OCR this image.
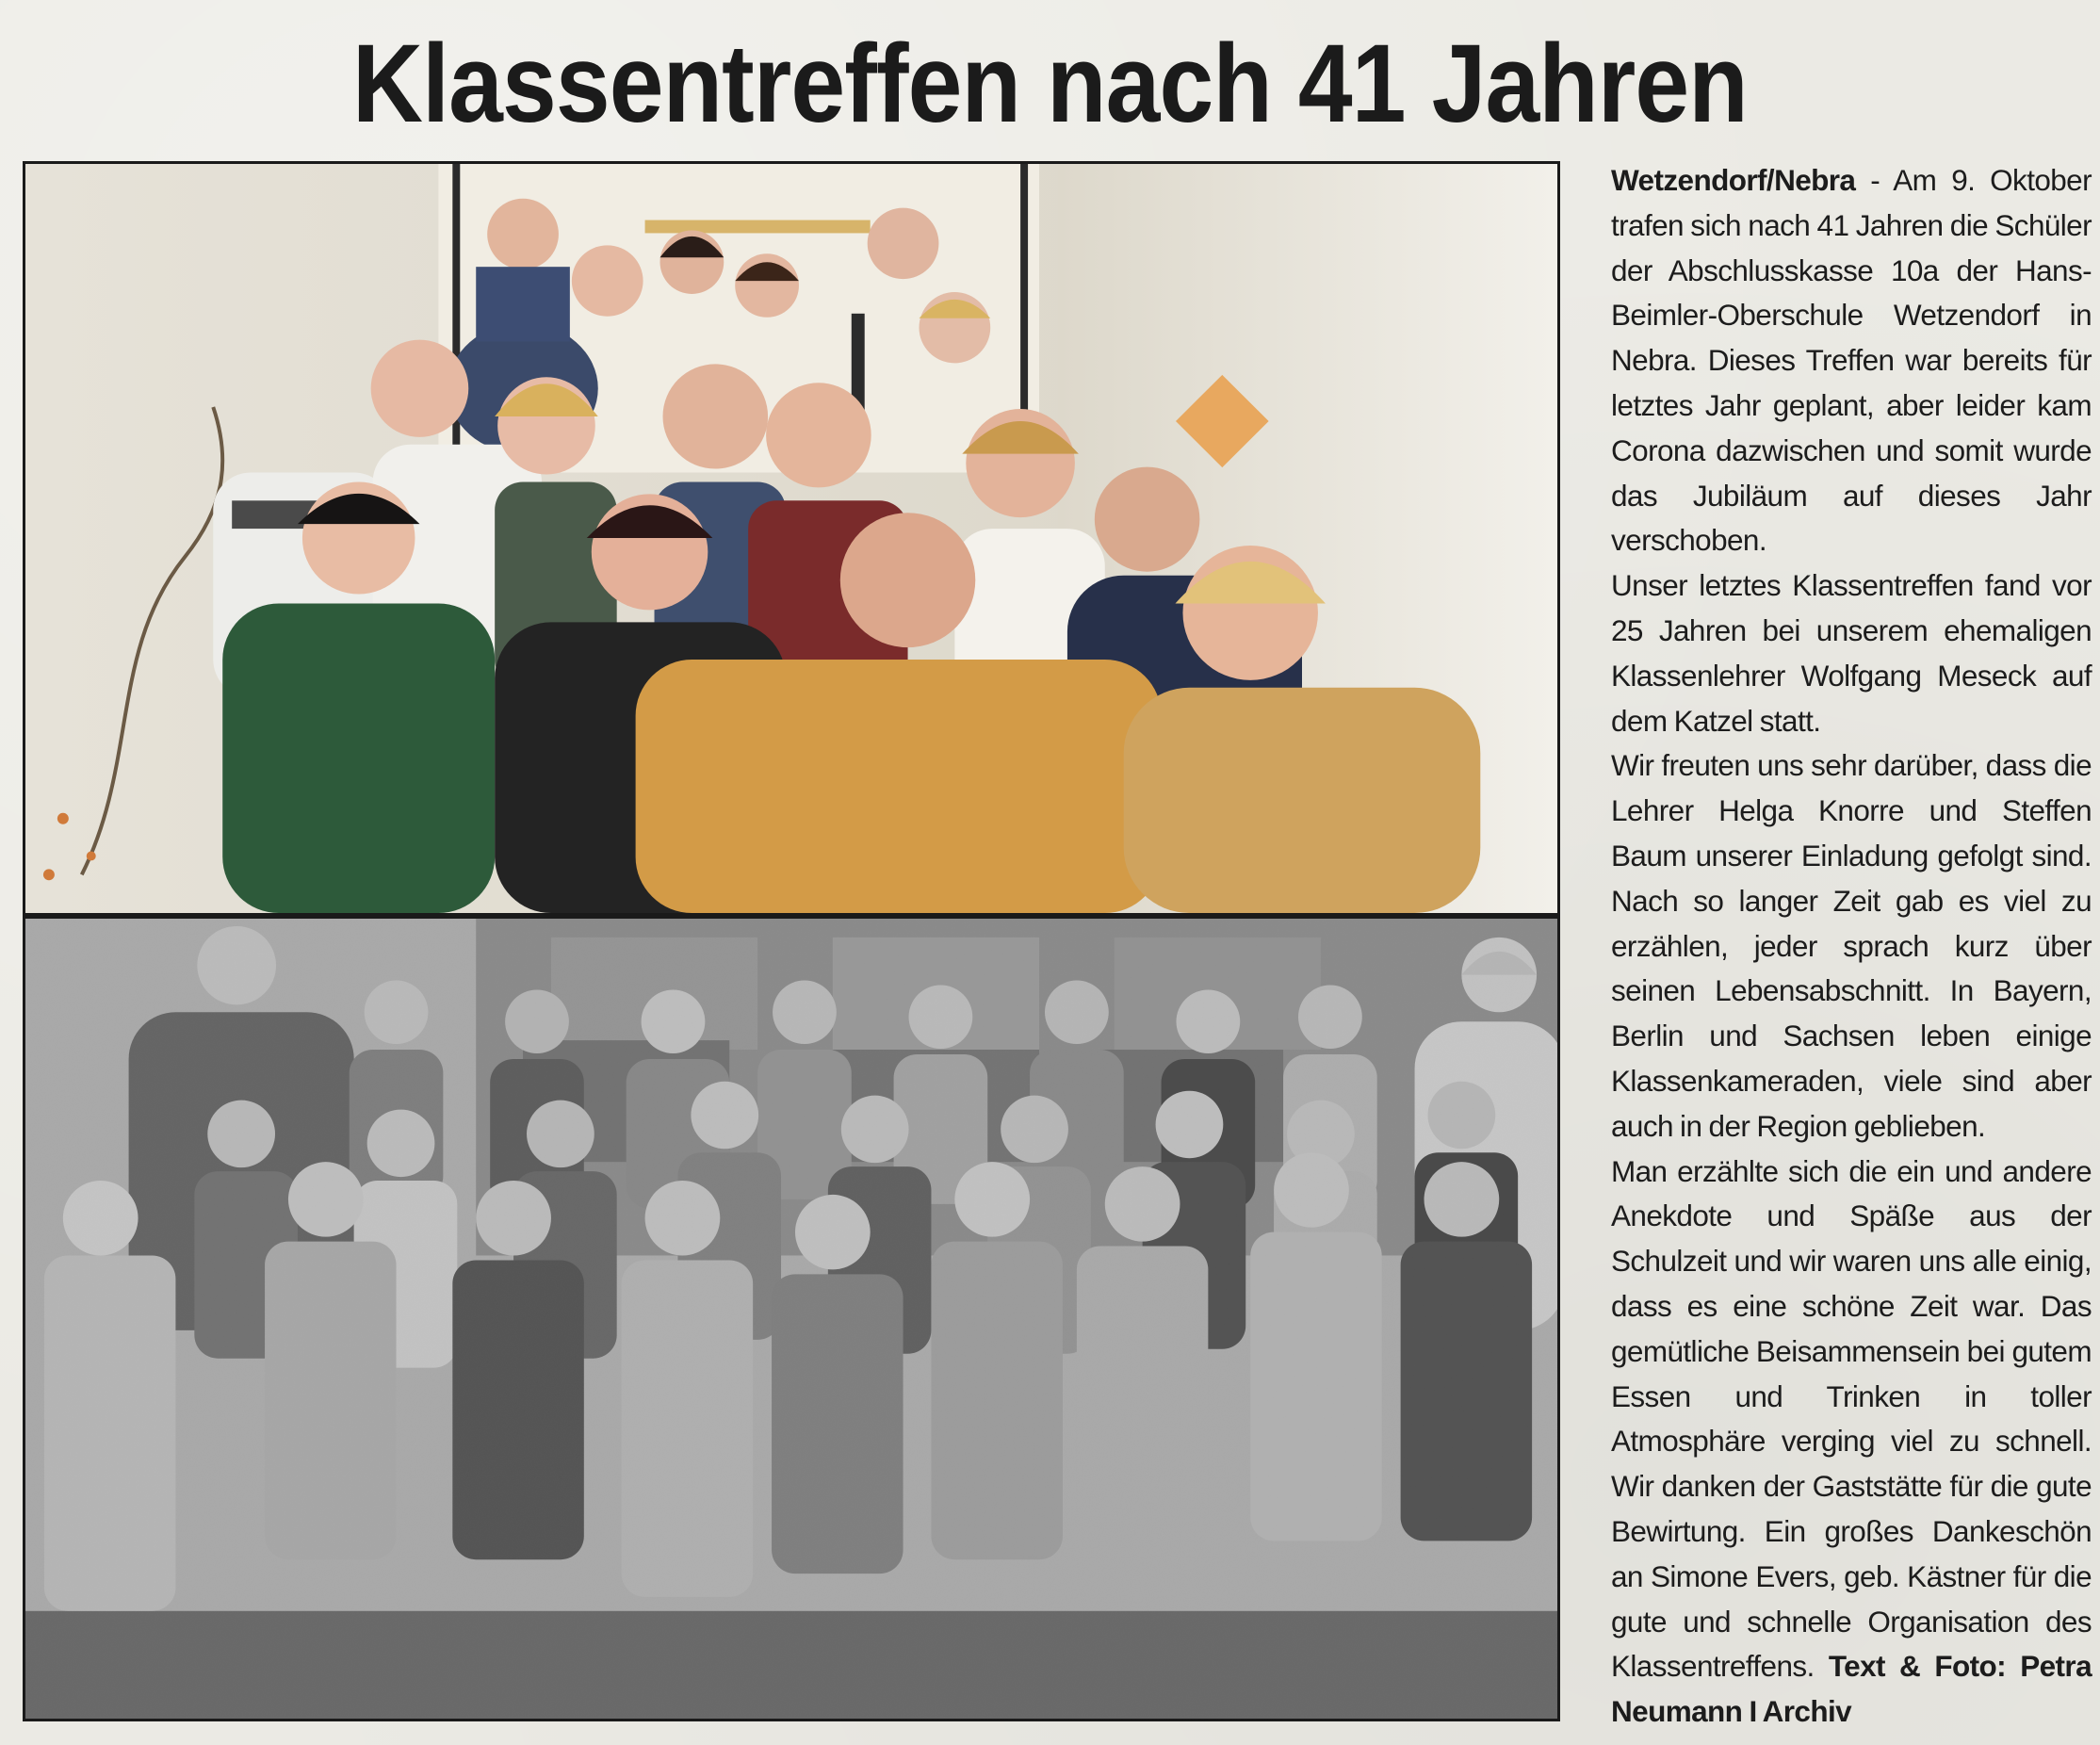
Klassentreffen nach 41 Jahren

Wetzendorf/Nebra - Am 9. Oktober trafen sich nach 41 Jahren die Schüler der Abschlusskasse 10a der Hans-Beimler-Oberschule Wetzendorf in Nebra. Dieses Treffen war bereits für letztes Jahr geplant, aber leider kam Corona dazwischen und somit wurde das Jubiläum auf dieses Jahr verschoben.

Unser letztes Klassentreffen fand vor 25 Jahren bei unserem ehemaligen Klassenlehrer Wolfgang Meseck auf dem Katzel statt.

Wir freuten uns sehr darüber, dass die Lehrer Helga Knorre und Steffen Baum unserer Einladung gefolgt sind. Nach so langer Zeit gab es viel zu erzählen, jeder sprach kurz über seinen Lebensabschnitt. In Bayern, Berlin und Sachsen leben einige Klassenkameraden, viele sind aber auch in der Region geblieben.

Man erzählte sich die ein und andere Anekdote und Späße aus der Schulzeit und wir waren uns alle einig, dass es eine schöne Zeit war. Das gemütliche Beisammensein bei gutem Essen und Trinken in toller Atmosphäre verging viel zu schnell. Wir danken der Gaststätte für die gute Bewirtung. Ein großes Dankeschön an Simone Evers, geb. Kästner für die gute und schnelle Organisation des Klassentreffens. Text & Foto: Petra Neumann I Archiv
